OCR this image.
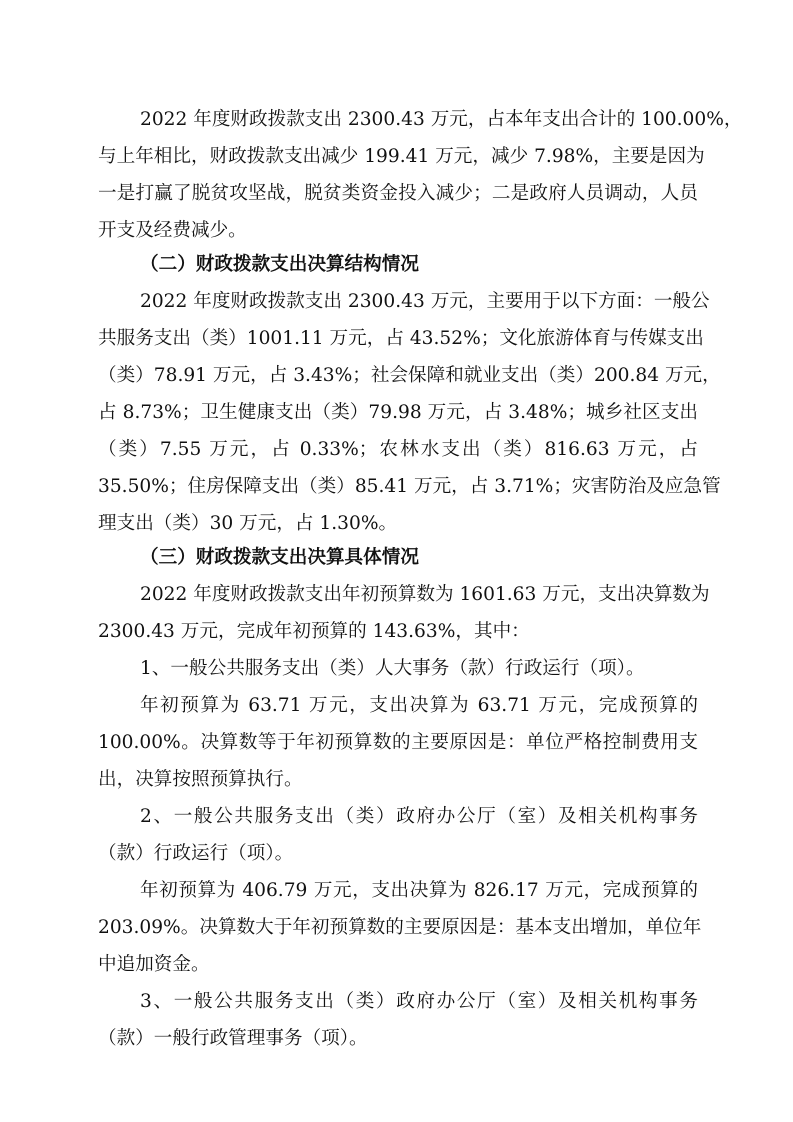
2022 年度财政拨款支出 2300.43 万元，占本年支出合计的 100.00%，
与上年相比，财政拨款支出减少 199.41 万元，减少 7.98%，主要是因为
一是打赢了脱贫攻坚战，脱贫类资金投入减少；二是政府人员调动，人员
开支及经费减少。
（二）财政拨款支出决算结构情况
2022 年度财政拨款支出 2300.43 万元，主要用于以下方面：一般公
共服务支出（类）1001.11 万元，占 43.52%；文化旅游体育与传媒支出
（类）78.91 万元，占 3.43%；社会保障和就业支出（类）200.84 万元，
占 8.73%；卫生健康支出（类）79.98 万元，占 3.48%；城乡社区支出
（类）7.55 万元，占 0.33%；农林水支出（类）816.63 万元，占
35.50%；住房保障支出（类）85.41 万元，占 3.71%；灾害防治及应急管
理支出（类）30 万元，占 1.30%。
（三）财政拨款支出决算具体情况
2022 年度财政拨款支出年初预算数为 1601.63 万元，支出决算数为
2300.43 万元，完成年初预算的 143.63%，其中：
1、一般公共服务支出（类）人大事务（款）行政运行（项）。
年初预算为 63.71 万元，支出决算为 63.71 万元，完成预算的
100.00%。决算数等于年初预算数的主要原因是：单位严格控制费用支
出，决算按照预算执行。
2、一般公共服务支出（类）政府办公厅（室）及相关机构事务
（款）行政运行（项）。
年初预算为 406.79 万元，支出决算为 826.17 万元，完成预算的
203.09%。决算数大于年初预算数的主要原因是：基本支出增加，单位年
中追加资金。
3、一般公共服务支出（类）政府办公厅（室）及相关机构事务
（款）一般行政管理事务（项）。
